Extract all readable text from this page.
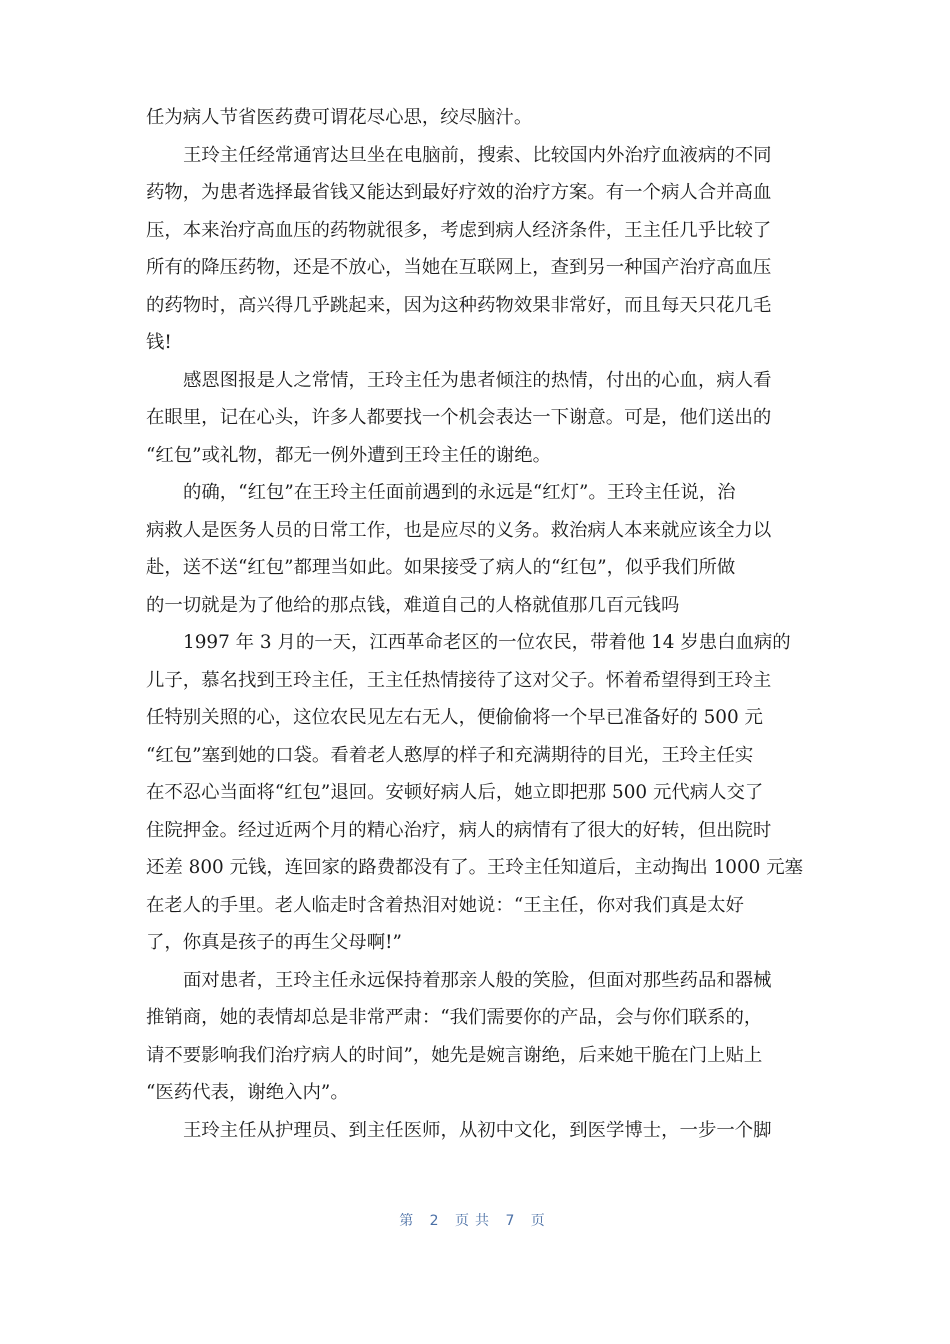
任为病人节省医药费可谓花尽心思，绞尽脑汁。
王玲主任经常通宵达旦坐在电脑前，搜索、比较国内外治疗血液病的不同
药物，为患者选择最省钱又能达到最好疗效的治疗方案。有一个病人合并高血
压，本来治疗高血压的药物就很多，考虑到病人经济条件，王主任几乎比较了
所有的降压药物，还是不放心，当她在互联网上，查到另一种国产治疗高血压
的药物时，高兴得几乎跳起来，因为这种药物效果非常好，而且每天只花几毛
钱!
感恩图报是人之常情，王玲主任为患者倾注的热情，付出的心血，病人看
在眼里，记在心头，许多人都要找一个机会表达一下谢意。可是，他们送出的
“红包”或礼物，都无一例外遭到王玲主任的谢绝。
的确，“红包”在王玲主任面前遇到的永远是“红灯”。王玲主任说，治
病救人是医务人员的日常工作，也是应尽的义务。救治病人本来就应该全力以
赴，送不送“红包”都理当如此。如果接受了病人的“红包”，似乎我们所做
的一切就是为了他给的那点钱，难道自己的人格就值那几百元钱吗
1997 年 3 月的一天，江西革命老区的一位农民，带着他 14 岁患白血病的
儿子，慕名找到王玲主任，王主任热情接待了这对父子。怀着希望得到王玲主
任特别关照的心，这位农民见左右无人，便偷偷将一个早已准备好的 500 元
“红包”塞到她的口袋。看着老人憨厚的样子和充满期待的目光，王玲主任实
在不忍心当面将“红包”退回。安顿好病人后，她立即把那 500 元代病人交了
住院押金。经过近两个月的精心治疗，病人的病情有了很大的好转，但出院时
还差 800 元钱，连回家的路费都没有了。王玲主任知道后，主动掏出 1000 元塞
在老人的手里。老人临走时含着热泪对她说：“王主任，你对我们真是太好
了，你真是孩子的再生父母啊!”
面对患者，王玲主任永远保持着那亲人般的笑脸，但面对那些药品和器械
推销商，她的表情却总是非常严肃：“我们需要你的产品，会与你们联系的，
请不要影响我们治疗病人的时间”，她先是婉言谢绝，后来她干脆在门上贴上
“医药代表，谢绝入内”。
王玲主任从护理员、到主任医师，从初中文化，到医学博士，一步一个脚
第 2 页共 7 页
